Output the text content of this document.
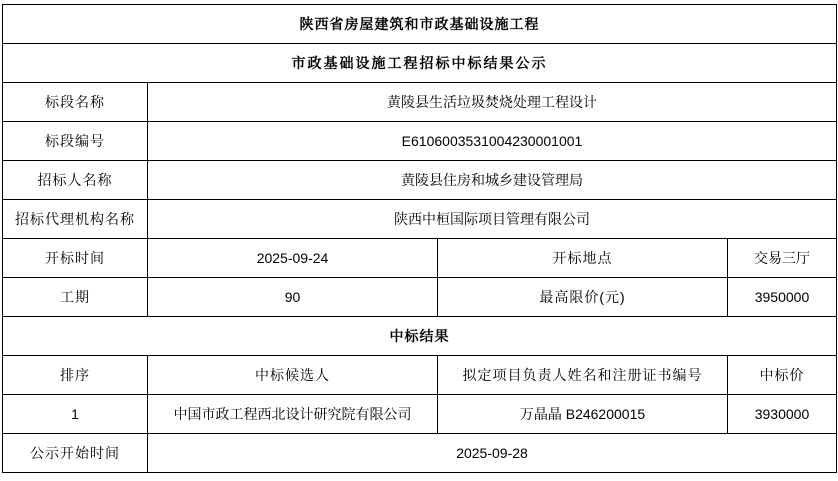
陕西省房屋建筑和市政基础设施工程			
市政基础设施工程招标中标结果公示			
标段名称	黄陵县生活垃圾焚烧处理工程设计		
标段编号	E6106003531004230001001		
招标人名称	黄陵县住房和城乡建设管理局		
招标代理机构名称	陕西中桓国际项目管理有限公司		
开标时间	2025-09-24	开标地点	交易三厅
工期	90	最高限价(元)	3950000
中标结果			
排序	中标候选人	拟定项目负责人姓名和注册证书编号	中标价
1	中国市政工程西北设计研究院有限公司	万晶晶 B246200015	3930000
公示开始时间	2025-09-28		
